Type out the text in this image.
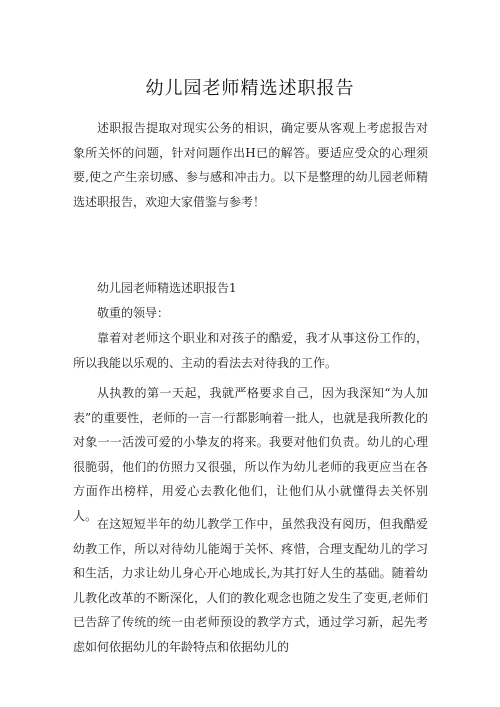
幼儿园老师精选述职报告

述职报告提取对现实公务的相识，确定要从客观上考虑报告对象所关怀的问题，针对问题作出H已的解答。要适应受众的心理须要,使之产生亲切感、参与感和冲击力。以下是整理的幼儿园老师精选述职报告，欢迎大家借鉴与参考！

幼儿园老师精选述职报告1

敬重的领导：

靠着对老师这个职业和对孩子的酷爱，我才从事这份工作的，所以我能以乐观的、主动的看法去对待我的工作。

从执教的第一天起，我就严格要求自己，因为我深知“为人加表”的重要性，老师的一言一行都影响着一批人，也就是我所教化的对象一一活泼可爱的小挚友的将来。我要对他们负责。幼儿的心理很脆弱，他们的仿照力又很强，所以作为幼儿老师的我更应当在各方面作出榜样，用爱心去教化他们，让他们从小就懂得去关怀别人。

在这短短半年的幼儿教学工作中，虽然我没有阅历，但我酷爱幼教工作，所以对待幼儿能竭于关怀、疼惜，合理支配幼儿的学习和生活，力求让幼儿身心开心地成长,为其打好人生的基础。随着幼儿教化改革的不断深化，人们的教化观念也随之发生了变更,老师们已告辞了传统的统一由老师预设的教学方式，通过学习新，起先考虑如何依据幼儿的年龄特点和依据幼儿的
